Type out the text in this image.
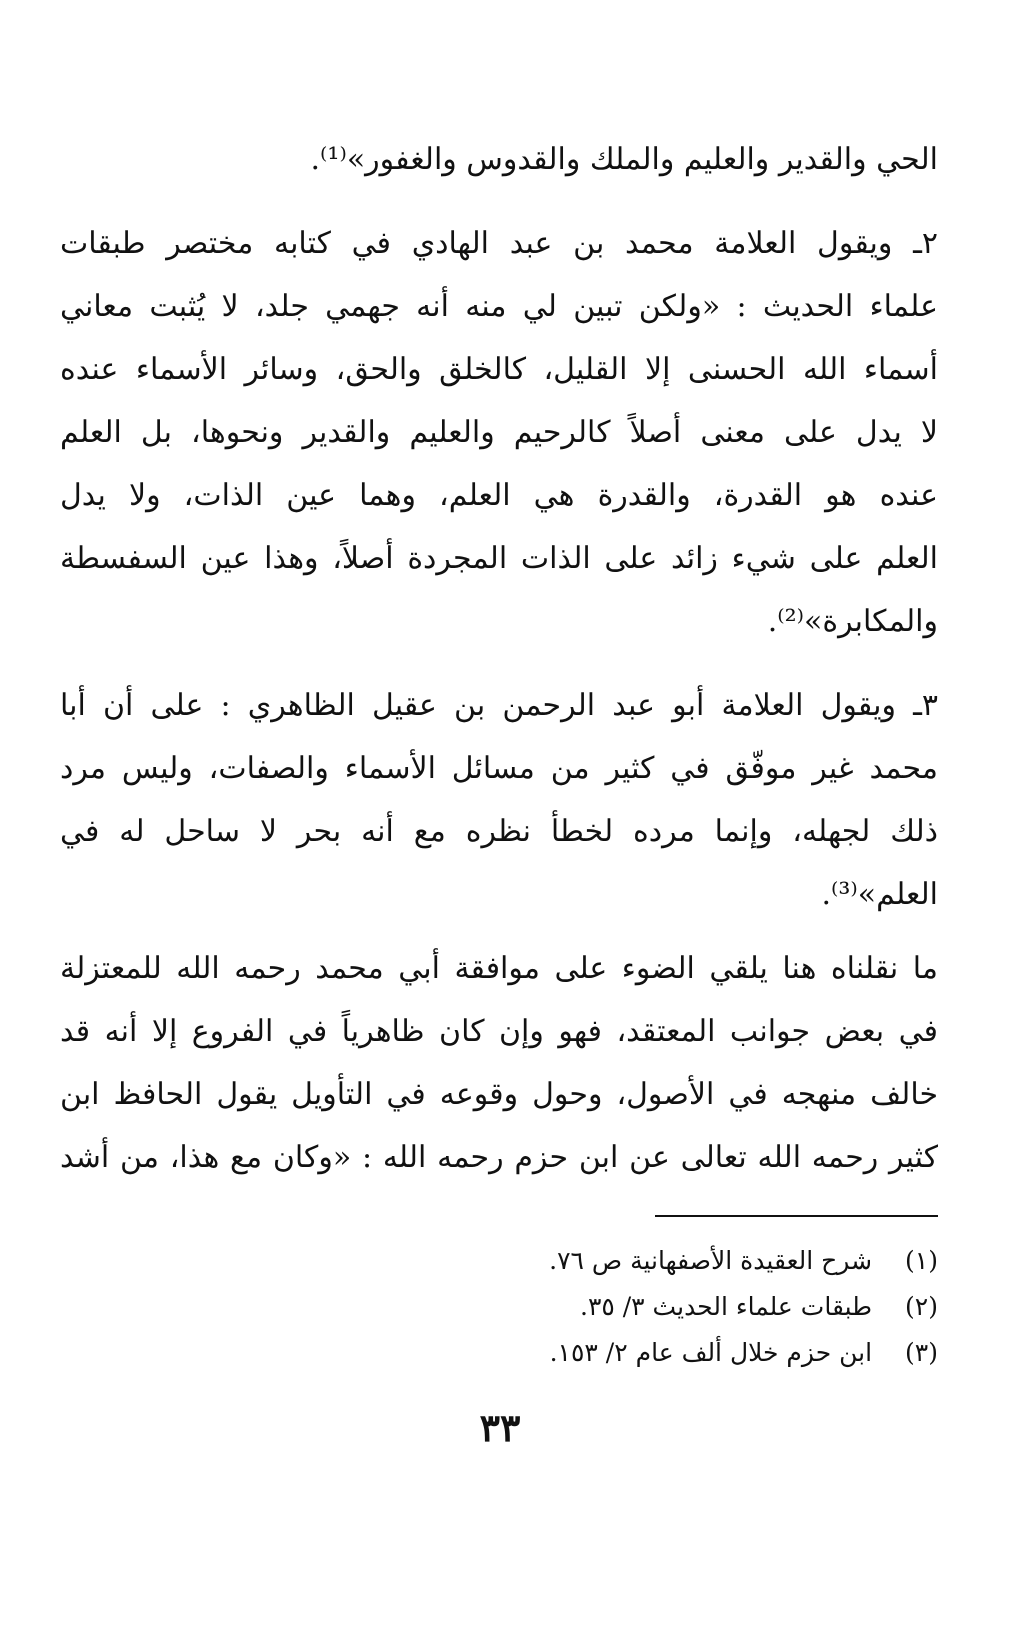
الحي والقدير والعليم والملك والقدوس والغفور»⁽¹⁾.
٢ـ ويقول العلامة محمد بن عبد الهادي في كتابه مختصر طبقات
علماء الحديث : «ولكن تبين لي منه أنه جهمي جلد، لا يُثبت معاني
أسماء الله الحسنى إلا القليل، كالخلق والحق، وسائر الأسماء عنده
لا يدل على معنى أصلاً كالرحيم والعليم والقدير ونحوها، بل العلم
عنده هو القدرة، والقدرة هي العلم، وهما عين الذات، ولا يدل
العلم على شيء زائد على الذات المجردة أصلاً، وهذا عين السفسطة
والمكابرة»⁽²⁾.
٣ـ ويقول العلامة أبو عبد الرحمن بن عقيل الظاهري : على أن أبا
محمد غير موفّق في كثير من مسائل الأسماء والصفات، وليس مرد
ذلك لجهله، وإنما مرده لخطأ نظره مع أنه بحر لا ساحل له في
العلم»⁽³⁾.
ما نقلناه هنا يلقي الضوء على موافقة أبي محمد رحمه الله للمعتزلة
في بعض جوانب المعتقد، فهو وإن كان ظاهرياً في الفروع إلا أنه قد
خالف منهجه في الأصول، وحول وقوعه في التأويل يقول الحافظ ابن
كثير رحمه الله تعالى عن ابن حزم رحمه الله : «وكان مع هذا، من أشد
(١) شرح العقيدة الأصفهانية ص ٧٦.
(٢) طبقات علماء الحديث ٣/ ٣٥.
(٣) ابن حزم خلال ألف عام ٢/ ١٥٣.
٣٣
